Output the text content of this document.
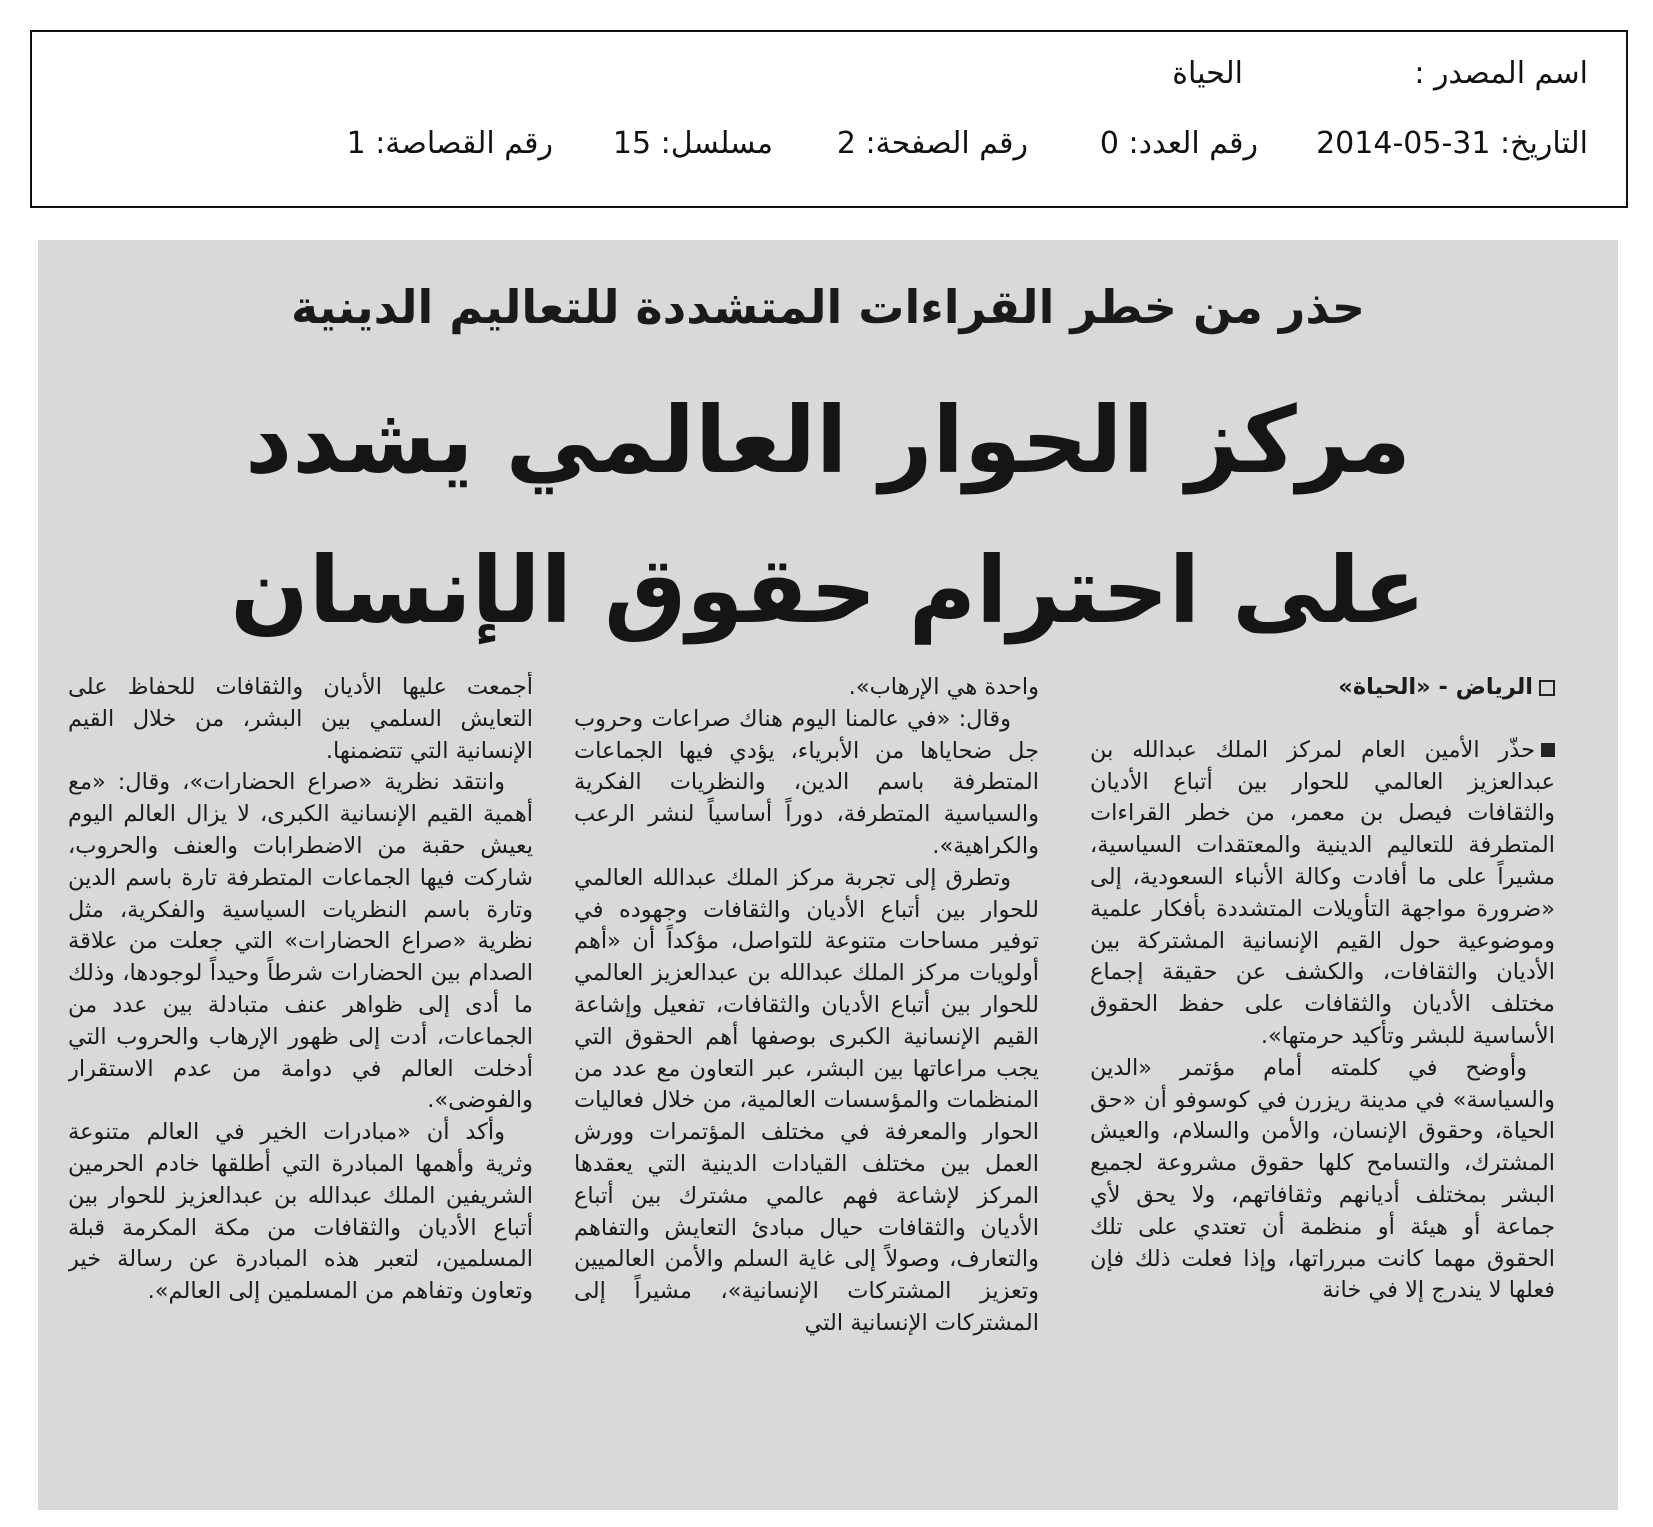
اسم المصدر :
الحياة
التاريخ: 31-05-2014
رقم العدد: 0
رقم الصفحة: 2
مسلسل: 15
رقم القصاصة: 1
حذر من خطر القراءات المتشددة للتعاليم الدينية
مركز الحوار العالمي يشدد
على احترام حقوق الإنسان

الرياض - «الحياة»

حذّر الأمين العام لمركز الملك عبدالله بن عبدالعزيز العالمي للحوار بين أتباع الأديان والثقافات فيصل بن معمر، من خطر القراءات المتطرفة للتعاليم الدينية والمعتقدات السياسية، مشيراً على ما أفادت وكالة الأنباء السعودية، إلى «ضرورة مواجهة التأويلات المتشددة بأفكار علمية وموضوعية حول القيم الإنسانية المشتركة بين الأديان والثقافات، والكشف عن حقيقة إجماع مختلف الأديان والثقافات على حفظ الحقوق الأساسية للبشر وتأكيد حرمتها».

وأوضح في كلمته أمام مؤتمر «الدين والسياسة» في مدينة ريزرن في كوسوفو أن «حق الحياة، وحقوق الإنسان، والأمن والسلام، والعيش المشترك، والتسامح كلها حقوق مشروعة لجميع البشر بمختلف أديانهم وثقافاتهم، ولا يحق لأي جماعة أو هيئة أو منظمة أن تعتدي على تلك الحقوق مهما كانت مبرراتها، وإذا فعلت ذلك فإن فعلها لا يندرج إلا في خانة

واحدة هي الإرهاب».

وقال: «في عالمنا اليوم هناك صراعات وحروب جل ضحاياها من الأبرياء، يؤدي فيها الجماعات المتطرفة باسم الدين، والنظريات الفكرية والسياسية المتطرفة، دوراً أساسياً لنشر الرعب والكراهية».

وتطرق إلى تجربة مركز الملك عبدالله العالمي للحوار بين أتباع الأديان والثقافات وجهوده في توفير مساحات متنوعة للتواصل، مؤكداً أن «أهم أولويات مركز الملك عبدالله بن عبدالعزيز العالمي للحوار بين أتباع الأديان والثقافات، تفعيل وإشاعة القيم الإنسانية الكبرى بوصفها أهم الحقوق التي يجب مراعاتها بين البشر، عبر التعاون مع عدد من المنظمات والمؤسسات العالمية، من خلال فعاليات الحوار والمعرفة في مختلف المؤتمرات وورش العمل بين مختلف القيادات الدينية التي يعقدها المركز لإشاعة فهم عالمي مشترك بين أتباع الأديان والثقافات حيال مبادئ التعايش والتفاهم والتعارف، وصولاً إلى غاية السلم والأمن العالميين وتعزيز المشتركات الإنسانية»، مشيراً إلى المشتركات الإنسانية التي

أجمعت عليها الأديان والثقافات للحفاظ على التعايش السلمي بين البشر، من خلال القيم الإنسانية التي تتضمنها.

وانتقد نظرية «صراع الحضارات»، وقال: «مع أهمية القيم الإنسانية الكبرى، لا يزال العالم اليوم يعيش حقبة من الاضطرابات والعنف والحروب، شاركت فيها الجماعات المتطرفة تارة باسم الدين وتارة باسم النظريات السياسية والفكرية، مثل نظرية «صراع الحضارات» التي جعلت من علاقة الصدام بين الحضارات شرطاً وحيداً لوجودها، وذلك ما أدى إلى ظواهر عنف متبادلة بين عدد من الجماعات، أدت إلى ظهور الإرهاب والحروب التي أدخلت العالم في دوامة من عدم الاستقرار والفوضى».

وأكد أن «مبادرات الخير في العالم متنوعة وثرية وأهمها المبادرة التي أطلقها خادم الحرمين الشريفين الملك عبدالله بن عبدالعزيز للحوار بين أتباع الأديان والثقافات من مكة المكرمة قبلة المسلمين، لتعبر هذه المبادرة عن رسالة خير وتعاون وتفاهم من المسلمين إلى العالم».
